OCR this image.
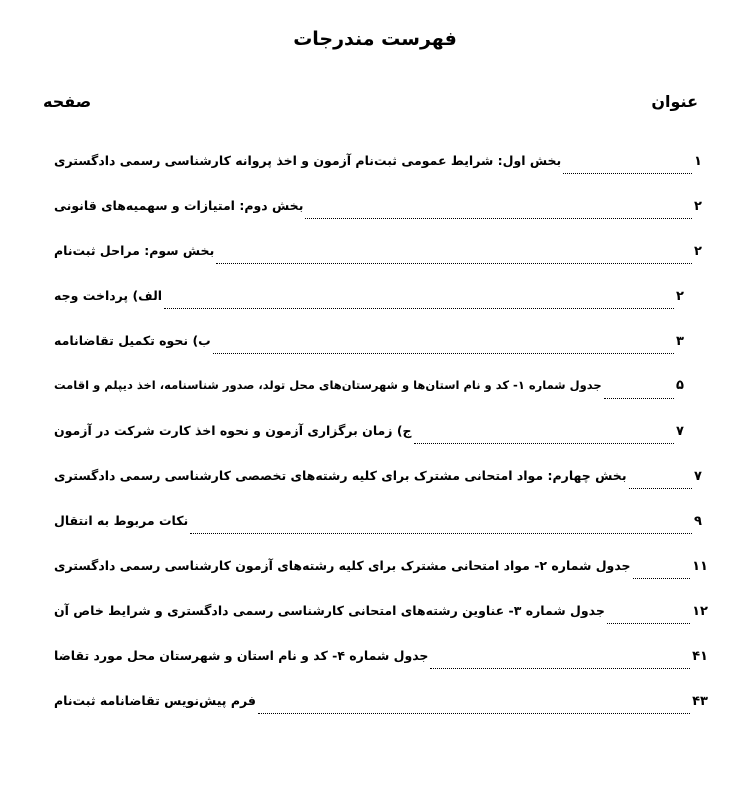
فهرست مندرجات
عنوان
صفحه
بخش اول: شرایط عمومی ثبت‌نام آزمون و اخذ پروانه کارشناسی رسمی دادگستری	۱
بخش دوم: امتیازات و سهمیه‌های قانونی	۲
بخش سوم: مراحل ثبت‌نام	۲
الف) پرداخت وجه	۲
ب) نحوه تکمیل تقاضانامه	۳
جدول شماره ۱- کد و نام استان‌ها و شهرستان‌های محل تولد، صدور شناسنامه، اخذ دیپلم و اقامت	۵
ج) زمان برگزاری آزمون و نحوه اخذ کارت شرکت در آزمون	۷
بخش چهارم: مواد امتحانی مشترک برای کلیه رشته‌های تخصصی کارشناسی رسمی دادگستری	۷
نکات مربوط به انتقال	۹
جدول شماره ۲- مواد امتحانی مشترک برای کلیه رشته‌های آزمون کارشناسی رسمی دادگستری	۱۱
جدول شماره ۳- عناوین رشته‌های امتحانی کارشناسی رسمی دادگستری و شرایط خاص آن	۱۲
جدول شماره ۴- کد و نام استان و شهرستان محل مورد تقاضا	۴۱
فرم پیش‌نویس تقاضانامه ثبت‌نام	۴۳
